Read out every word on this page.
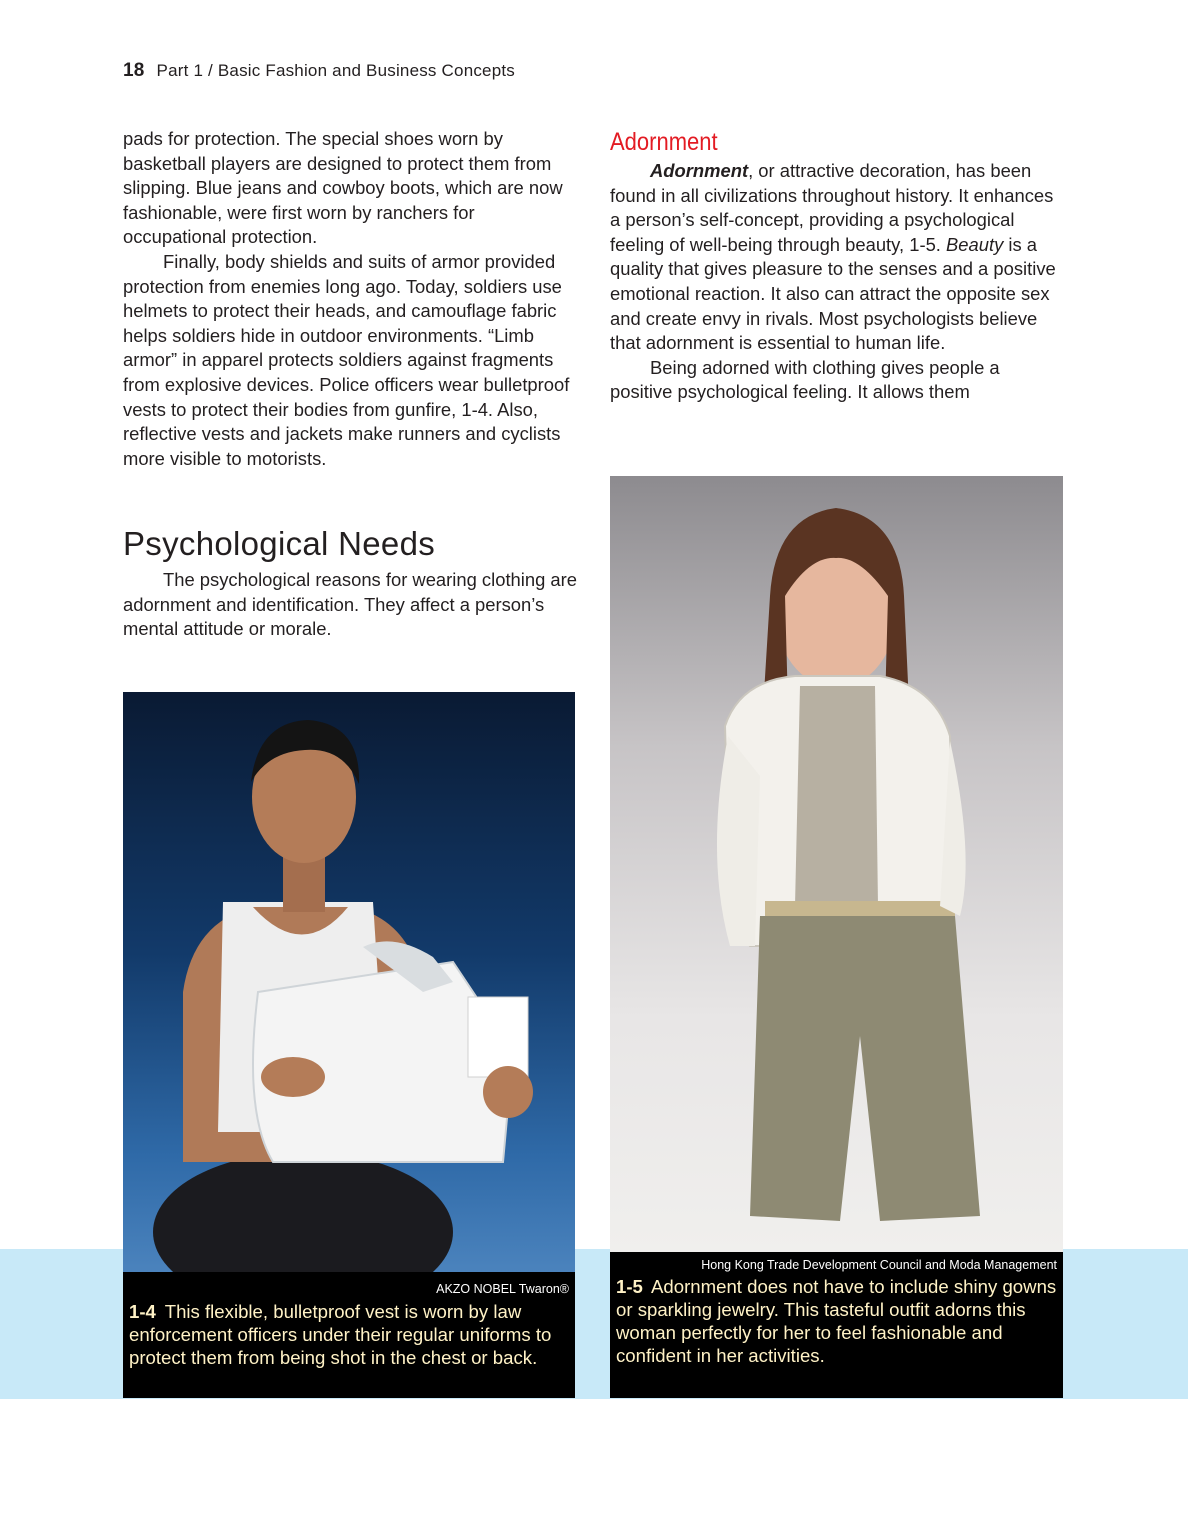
18 Part 1 / Basic Fashion and Business Concepts

pads for protection. The special shoes worn by basketball players are designed to protect them from slipping. Blue jeans and cowboy boots, which are now fashionable, were first worn by ranchers for occupational protection.

Finally, body shields and suits of armor provided protection from enemies long ago. Today, soldiers use helmets to protect their heads, and camouflage fabric helps soldiers hide in outdoor environments. “Limb armor” in apparel protects soldiers against fragments from explosive devices. Police officers wear bulletproof vests to protect their bodies from gunfire, 1-4. Also, reflective vests and jackets make runners and cyclists more visible to motorists.

Psychological Needs

The psychological reasons for wearing clothing are adornment and identification. They affect a person’s mental attitude or morale.

Adornment

Adornment, or attractive decoration, has been found in all civilizations throughout history. It enhances a person’s self-concept, providing a psychological feeling of well-being through beauty, 1-5. Beauty is a quality that gives pleasure to the senses and a positive emotional reaction. It also can attract the opposite sex and create envy in rivals. Most psychologists believe that adornment is essential to human life.

Being adorned with clothing gives people a positive psychological feeling. It allows them

AKZO NOBEL Twaron®
1-4 This flexible, bulletproof vest is worn by law enforcement officers under their regular uniforms to protect them from being shot in the chest or back.
Hong Kong Trade Development Council and Moda Management
1-5 Adornment does not have to include shiny gowns or sparkling jewelry. This tasteful outfit adorns this woman perfectly for her to feel fashionable and confident in her activities.
